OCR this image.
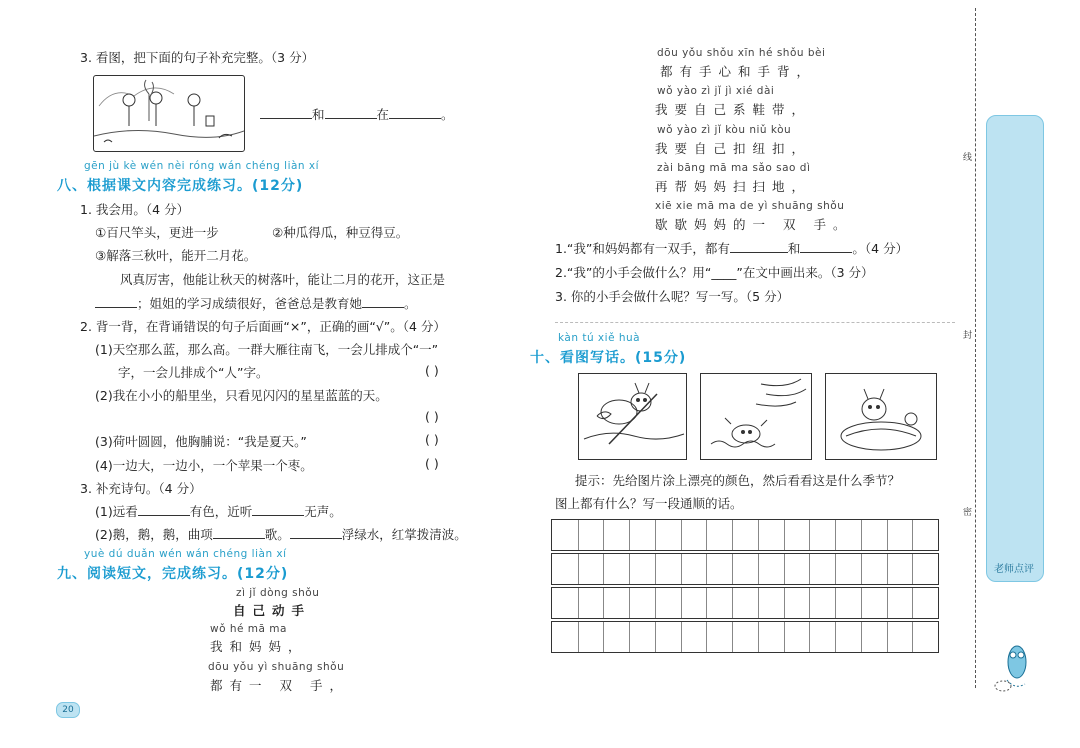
3. 看图，把下面的句子补充完整。（3 分）
和	在	。
gēn jù kè wén nèi róng wán chéng liàn xí
八、根据课文内容完成练习。(12分)
1. 我会用。（4 分）
①百尺竿头，更进一步	②种瓜得瓜，种豆得豆。
③解落三秋叶，能开二月花。
风真厉害，他能让秋天的树落叶，能让二月的花开，这正是
；姐姐的学习成绩很好，爸爸总是教育她	。
2. 背一背，在背诵错误的句子后面画“×”，正确的画“√”。（4 分）
(1)天空那么蓝，那么高。一群大雁往南飞，一会儿排成个“一”
字，一会儿排成个“人”字。	( )
(2)我在小小的船里坐，只看见闪闪的星星蓝蓝的天。
( )
(3)荷叶圆圆，他胸脯说：“我是夏天。”	( )
(4)一边大，一边小，一个苹果一个枣。	( )
3. 补充诗句。（4 分）
(1)远看	有色，近听	无声。
(2)鹅，鹅，鹅，曲项	歌。	浮绿水，红掌拨清波。
yuè dú duǎn wén wán chéng liàn xí
九、阅读短文，完成练习。(12分)
zì jǐ dòng shǒu
自己动手
wǒ hé mā ma
我和妈妈，
dōu yǒu yì shuāng shǒu
都有一 双 手，
20
dōu yǒu shǒu xīn hé shǒu bèi
都有手心和手背，
wǒ yào zì jǐ jì xié dài
我要自己系鞋带，
wǒ yào zì jǐ kòu niǔ kòu
我要自己扣纽扣，
zài bāng mā ma sǎo sao dì
再帮妈妈扫扫地，
xiē xie mā ma de yì shuāng shǒu
歇歇妈妈的一 双 手。
1.“我”和妈妈都有一双手，都有	和	。（4 分）
2.“我”的小手会做什么？用“____”在文中画出来。（3 分）
3. 你的小手会做什么呢？写一写。（5 分）
kàn tú xiě huà
十、看图写话。(15分)
提示：先给图片涂上漂亮的颜色，然后看看这是什么季节？
图上都有什么？写一段通顺的话。
线
封
密
老师点评
